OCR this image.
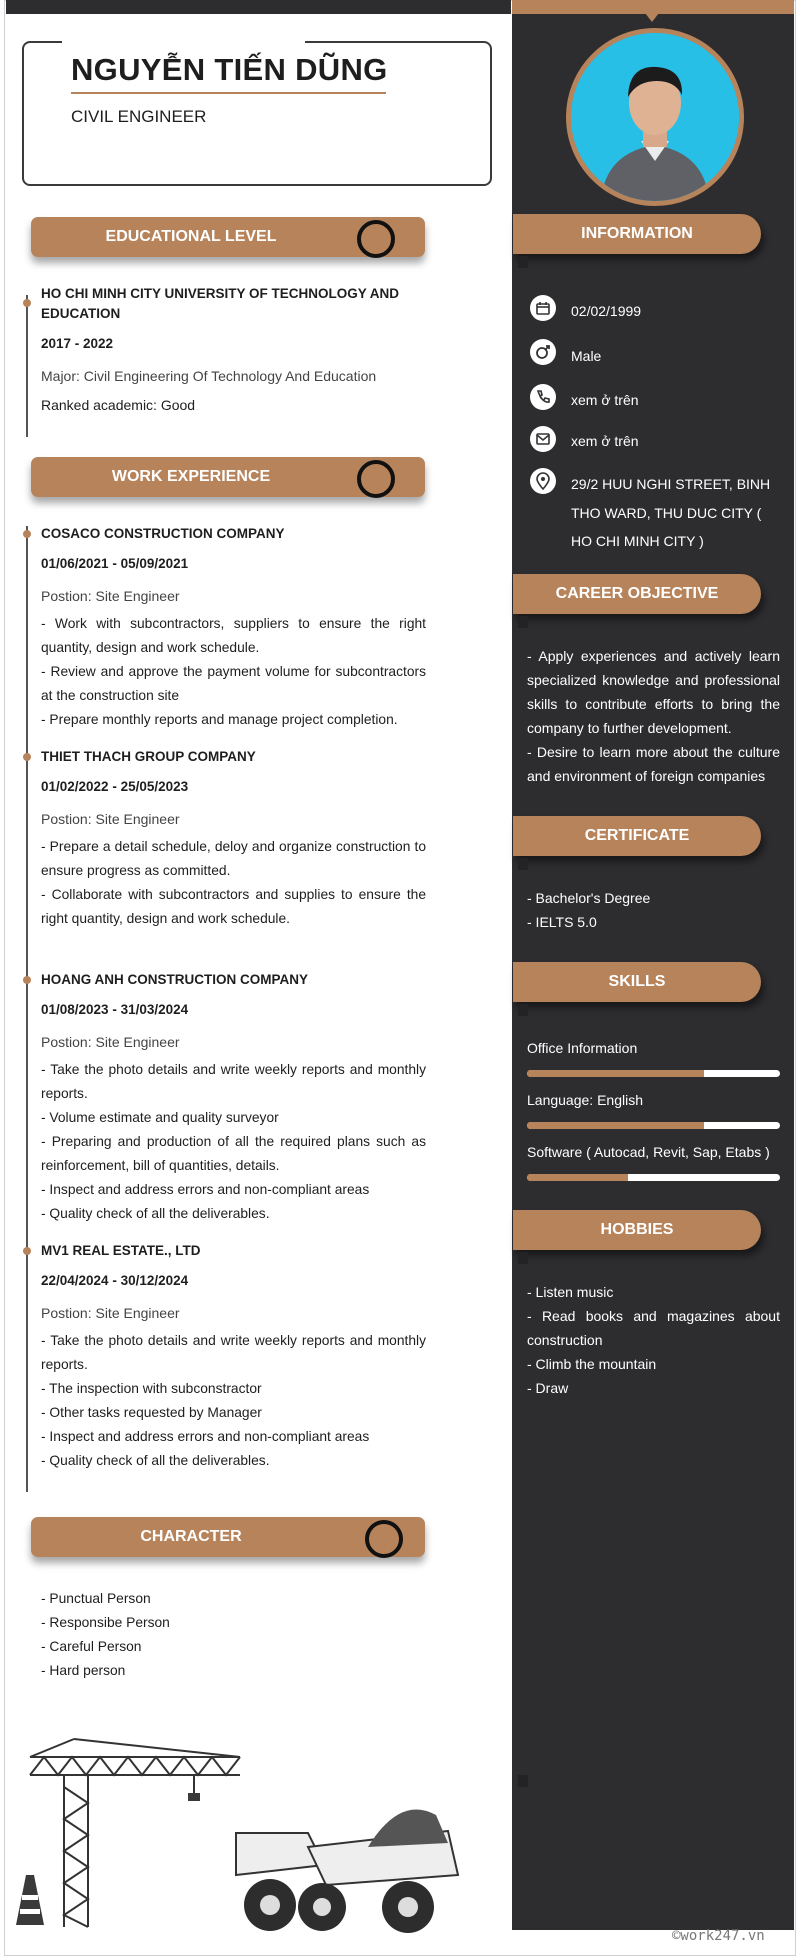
NGUYỄN TIẾN DŨNG
CIVIL ENGINEER
EDUCATIONAL LEVEL
HO CHI MINH CITY UNIVERSITY OF TECHNOLOGY AND EDUCATION
2017 - 2022
Major: Civil Engineering Of Technology And Education
Ranked academic: Good
WORK EXPERIENCE
COSACO CONSTRUCTION COMPANY
01/06/2021 - 05/09/2021
Postion: Site Engineer
- Work with subcontractors, suppliers to ensure the right quantity, design and work schedule.
- Review and approve the payment volume for subcontractors at the construction site
- Prepare monthly reports and manage project completion.
THIET THACH GROUP COMPANY
01/02/2022 - 25/05/2023
Postion: Site Engineer
- Prepare a detail schedule, deloy and organize construction to ensure progress as committed.
- Collaborate with subcontractors and supplies to ensure the right quantity, design and work schedule.
HOANG ANH CONSTRUCTION COMPANY
01/08/2023 - 31/03/2024
Postion: Site Engineer
- Take the photo details and write weekly reports and monthly reports.
- Volume estimate and quality surveyor
- Preparing and production of all the required plans such as reinforcement, bill of quantities, details.
- Inspect and address errors and non-compliant areas
- Quality check of all the deliverables.
MV1 REAL ESTATE., LTD
22/04/2024 - 30/12/2024
Postion: Site Engineer
- Take the photo details and write weekly reports and monthly reports.
- The inspection with subconstractor
- Other tasks requested by Manager
- Inspect and address errors and non-compliant areas
- Quality check of all the deliverables.
CHARACTER
- Punctual Person
- Responsibe Person
- Careful Person
- Hard person
INFORMATION
02/02/1999
Male
xem ở trên
xem ở trên
29/2 HUU NGHI STREET, BINH THO WARD, THU DUC CITY ( HO CHI MINH CITY )
CAREER OBJECTIVE
- Apply experiences and actively learn specialized knowledge and professional skills to contribute efforts to bring the company to further development.
- Desire to learn more about the culture and environment of foreign companies
CERTIFICATE
- Bachelor's Degree
- IELTS 5.0
SKILLS
Office Information
Language: English
Software ( Autocad, Revit, Sap, Etabs )
HOBBIES
- Listen music
- Read books and magazines about construction
- Climb the mountain
- Draw
©work247.vn
